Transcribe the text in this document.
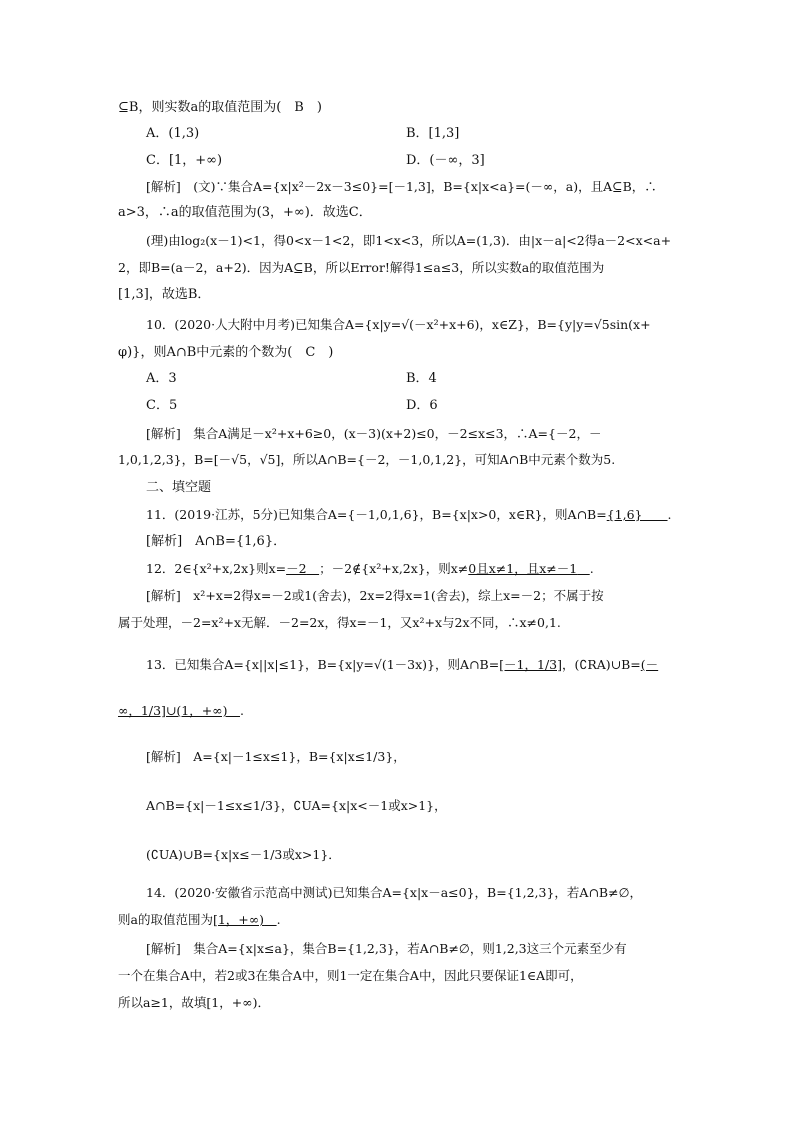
⊆B，则实数a的取值范围为(　B　)
A．(1,3)	B．[1,3]
C．[1，+∞)	D．(－∞，3]
[解析]　(文)∵集合A={x|x²－2x－3≤0}=[－1,3]，B={x|x<a}=(－∞，a)，且A⊆B，∴
a>3，∴a的取值范围为(3，+∞)．故选C．
(理)由log₂(x－1)<1，得0<x－1<2，即1<x<3，所以A=(1,3)．由|x－a|<2得a－2<x<a+
2，即B=(a－2，a+2)．因为A⊆B，所以Error!解得1≤a≤3，所以实数a的取值范围为
[1,3]，故选B．
10．(2020·人大附中月考)已知集合A={x|y=√(－x²+x+6)，x∈Z}，B={y|y=√5sin(x+
φ)}，则A∩B中元素的个数为(　C　)
A．3	B．4
C．5	D．6
[解析]　集合A满足－x²+x+6≥0，(x－3)(x+2)≤0，－2≤x≤3，∴A={－2，－
1,0,1,2,3}，B=[－√5，√5]，所以A∩B={－2，－1,0,1,2}，可知A∩B中元素个数为5.
二、填空题
11．(2019·江苏，5分)已知集合A={－1,0,1,6}，B={x|x>0，x∈R}，则A∩B={1,6}　　 .
[解析]　A∩B={1,6}．
12．2∈{x²+x,2x}则x=－2　 ；－2∉{x²+x,2x}，则x≠0且x≠1，且x≠－1　 .
[解析]　x²+x=2得x=－2或1(舍去)，2x=2得x=1(舍去)，综上x=－2；不属于按
属于处理，－2=x²+x无解．－2=2x，得x=－1，又x²+x与2x不同，∴x≠0,1.
13．已知集合A={x||x|≤1}，B={x|y=√(1－3x)}，则A∩B=[－1，1/3]，(∁RA)∪B=(－
∞，1/3]∪(1，+∞)　 .
[解析]　A={x|－1≤x≤1}，B={x|x≤1/3}，
A∩B={x|－1≤x≤1/3}，∁UA={x|x<－1或x>1}，
(∁UA)∪B={x|x≤－1/3或x>1}．
14．(2020·安徽省示范高中测试)已知集合A={x|x－a≤0}，B={1,2,3}，若A∩B≠∅，
则a的取值范围为[1，+∞)　 .
[解析]　集合A={x|x≤a}，集合B={1,2,3}，若A∩B≠∅，则1,2,3这三个元素至少有
一个在集合A中，若2或3在集合A中，则1一定在集合A中，因此只要保证1∈A即可，
所以a≥1，故填[1，+∞)．
